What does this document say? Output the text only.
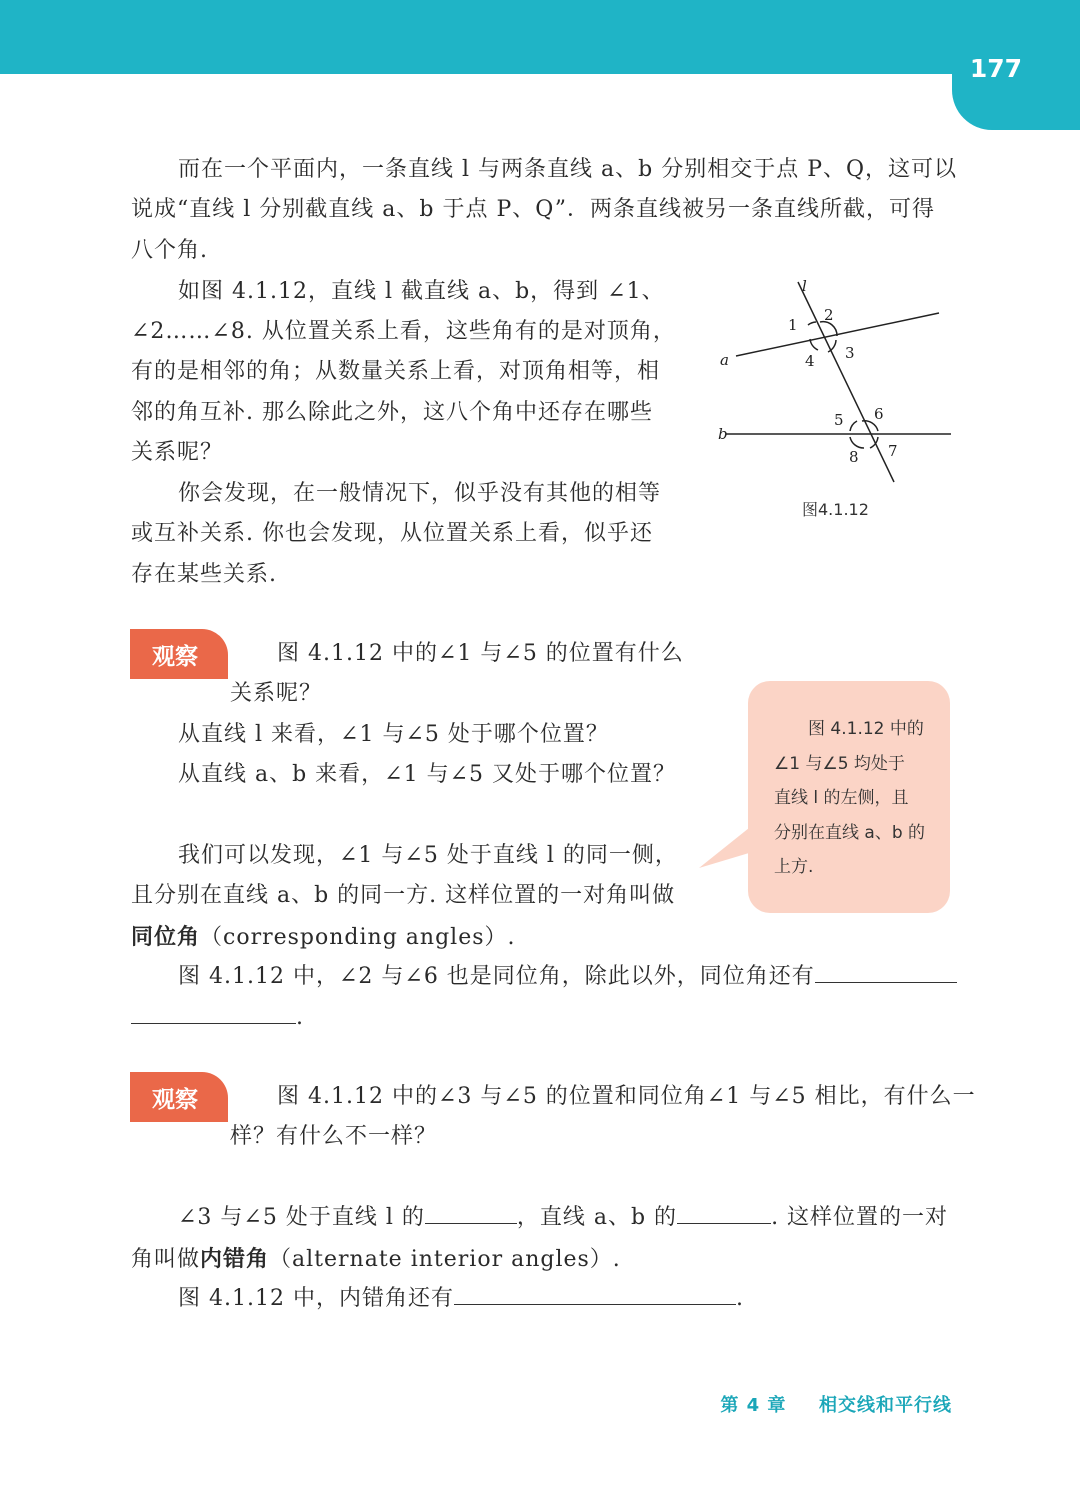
177

而在一个平面内，一条直线 l 与两条直线 a、b 分别相交于点 P、Q，这可以

说成“直线 l 分别截直线 a、b 于点 P、Q”．两条直线被另一条直线所截，可得

八个角.

如图 4.1.12，直线 l 截直线 a、b，得到 ∠1、

∠2……∠8. 从位置关系上看，这些角有的是对顶角，

有的是相邻的角；从数量关系上看，对顶角相等，相

邻的角互补. 那么除此之外，这八个角中还存在哪些

关系呢？

你会发现，在一般情况下，似乎没有其他的相等

或互补关系. 你也会发现，从位置关系上看，似乎还

存在某些关系.

l
a
b
1
2
3
4
5 6
7
8
图4.1.12
观察	图 4.1.12 中的∠1 与∠5 的位置有什么

关系呢？

从直线 l 来看，∠1 与∠5 处于哪个位置？

从直线 a、b 来看，∠1 与∠5 又处于哪个位置？

图 4.1.12 中的
∠1 与∠5 均处于
直线 l 的左侧，且
分别在直线 a、b 的
上方.

我们可以发现，∠1 与∠5 处于直线 l 的同一侧，

且分别在直线 a、b 的同一方. 这样位置的一对角叫做

同位角（corresponding angles）.

图 4.1.12 中，∠2 与∠6 也是同位角，除此以外，同位角还有

.

观察	图 4.1.12 中的∠3 与∠5 的位置和同位角∠1 与∠5 相比，有什么一

样？有什么不一样？

∠3 与∠5 处于直线 l 的	，直线 a、b 的	. 这样位置的一对

角叫做内错角（alternate interior angles）.

图 4.1.12 中，内错角还有	.

第 4 章 相交线和平行线
